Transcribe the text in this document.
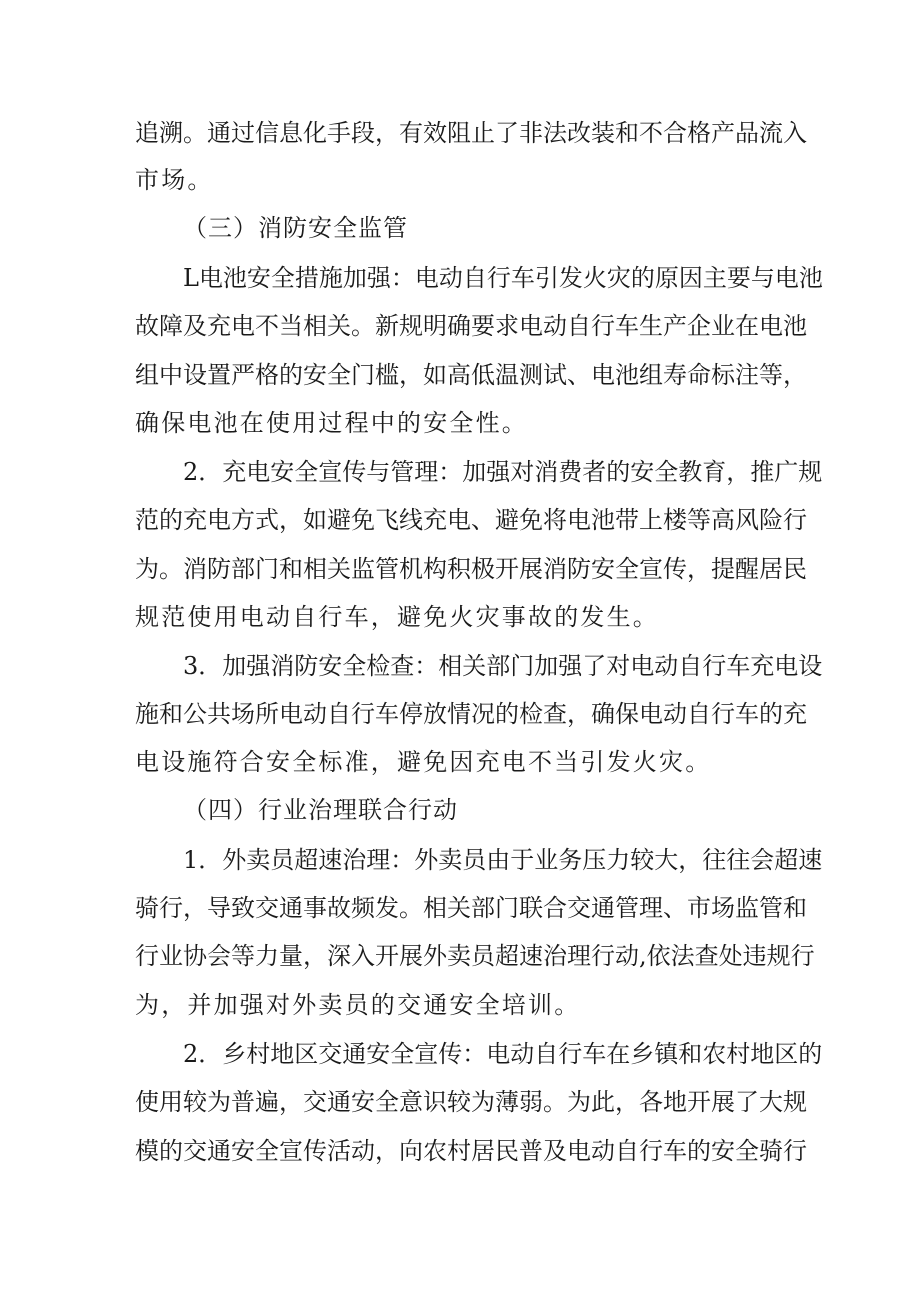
追溯。通过信息化手段，有效阻止了非法改装和不合格产品流入
市场。
（三）消防安全监管
L电池安全措施加强：电动自行车引发火灾的原因主要与电池
故障及充电不当相关。新规明确要求电动自行车生产企业在电池
组中设置严格的安全门槛，如高低温测试、电池组寿命标注等，
确保电池在使用过程中的安全性。
2．充电安全宣传与管理：加强对消费者的安全教育，推广规
范的充电方式，如避免飞线充电、避免将电池带上楼等高风险行
为。消防部门和相关监管机构积极开展消防安全宣传，提醒居民
规范使用电动自行车，避免火灾事故的发生。
3．加强消防安全检查：相关部门加强了对电动自行车充电设
施和公共场所电动自行车停放情况的检查，确保电动自行车的充
电设施符合安全标准，避免因充电不当引发火灾。
（四）行业治理联合行动
1．外卖员超速治理：外卖员由于业务压力较大，往往会超速
骑行，导致交通事故频发。相关部门联合交通管理、市场监管和
行业协会等力量，深入开展外卖员超速治理行动,依法查处违规行
为，并加强对外卖员的交通安全培训。
2．乡村地区交通安全宣传：电动自行车在乡镇和农村地区的
使用较为普遍，交通安全意识较为薄弱。为此，各地开展了大规
模的交通安全宣传活动，向农村居民普及电动自行车的安全骑行
